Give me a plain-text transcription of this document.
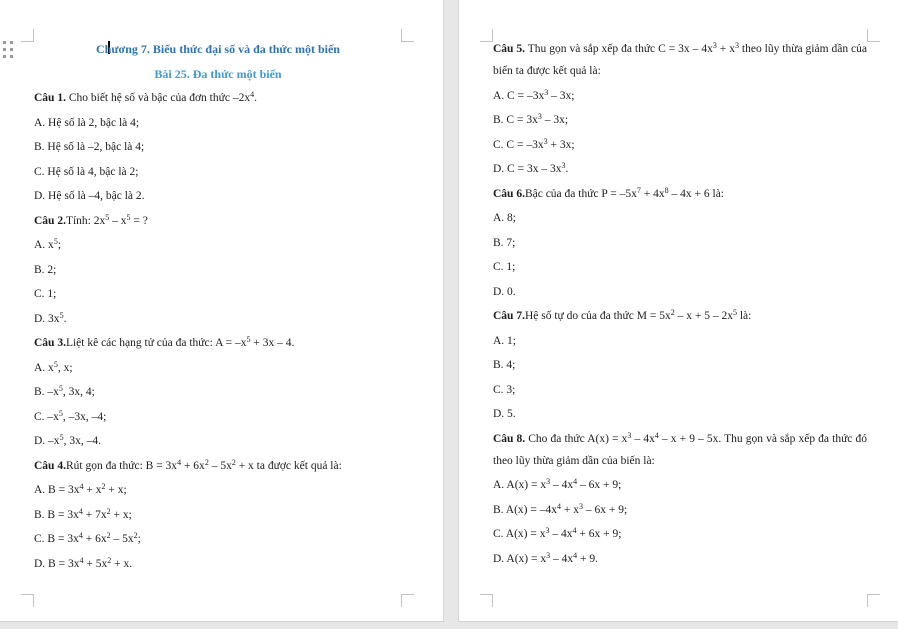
Chương 7. Biểu thức đại số và đa thức một biến
Bài 25. Đa thức một biến
Câu 1. Cho biết hệ số và bậc của đơn thức $-2x^4$.
A. Hệ số là 2, bậc là 4;
B. Hệ số là –2, bậc là 4;
C. Hệ số là 4, bậc là 2;
D. Hệ số là –4, bậc là 2.
Câu 2.Tính: $2x^5 - x^5$ = ?
A. $x^5$;
B. 2;
C. 1;
D. $3x^5$.
Câu 3.Liệt kê các hạng tử của đa thức: $A = -x^5 + 3x - 4$.
A. $x^5$, x;
B. $-x^5$, 3x, 4;
C. $-x^5$, –3x, –4;
D. $-x^5$, 3x, –4.
Câu 4.Rút gọn đa thức: $B = 3x^4 + 6x^2 - 5x^2 + x$ ta được kết quả là:
A. $B = 3x^4 + x^2 + x$;
B. $B = 3x^4 + 7x^2 + x$;
C. $B = 3x^4 + 6x^2 - 5x^2$;
D. $B = 3x^4 + 5x^2 + x$.
Câu 5. Thu gọn và sắp xếp đa thức $C = 3x - 4x^3 + x^3$ theo lũy thừa giảm dần của biến ta được kết quả là:
A. $C = -3x^3 - 3x$;
B. $C = 3x^3 - 3x$;
C. $C = -3x^3 + 3x$;
D. $C = 3x - 3x^3$.
Câu 6.Bậc của đa thức $P = -5x^7 + 4x^8 - 4x + 6$ là:
A. 8;
B. 7;
C. 1;
D. 0.
Câu 7.Hệ số tự do của đa thức $M = 5x^2 - x + 5 - 2x^5$ là:
A. 1;
B. 4;
C. 3;
D. 5.
Câu 8. Cho đa thức $A(x) = x^3 - 4x^4 - x + 9 - 5x$. Thu gọn và sắp xếp đa thức đó theo lũy thừa giảm dần của biến là:
A. $A(x) = x^3 - 4x^4 - 6x + 9$;
B. $A(x) = -4x^4 + x^3 - 6x + 9$;
C. $A(x) = x^3 - 4x^4 + 6x + 9$;
D. $A(x) = x^3 - 4x^4 + 9$.
